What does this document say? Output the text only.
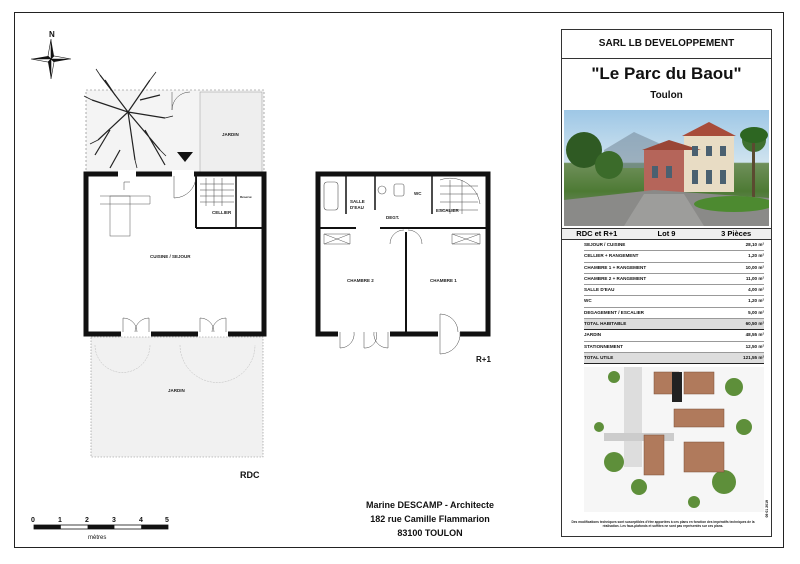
N
JARDIN
CUISINE / SEJOUR
CELLIER
Réservé
JARDIN
RDC
SALLE
D'EAU
WC
DEGT.
ESCALIER
CHAMBRE 2	CHAMBRE 1
R+1
0	1	2	3	4	5
mètres
Marine DESCAMP - Architecte
182 rue Camille Flammarion
83100 TOULON
SARL LB DEVELOPPEMENT
"Le Parc du Baou"
Toulon
RDC et R+1	Lot 9	3 Pièces
SEJOUR / CUISINE	28,10 m²
CELLIER + RANGEMENT	1,20 m²
CHAMBRE 1 + RANGEMENT	10,00 m²
CHAMBRE 2 + RANGEMENT	11,00 m²
SALLE D'EAU	4,00 m²
WC	1,20 m²
DEGAGEMENT / ESCALIER	5,00 m²
TOTAL HABITABLE	60,50 m²
JARDIN	48,55 m²
STATIONNEMENT	12,50 m²
TOTAL UTILE	121,55 m²
Des modifications techniques sont susceptibles d'être apportées à ces plans en fonction des impératifs techniques de la réalisation. Les faux-plafonds et soffites ne sont pas représentés sur ces plans.
09 01 2019
